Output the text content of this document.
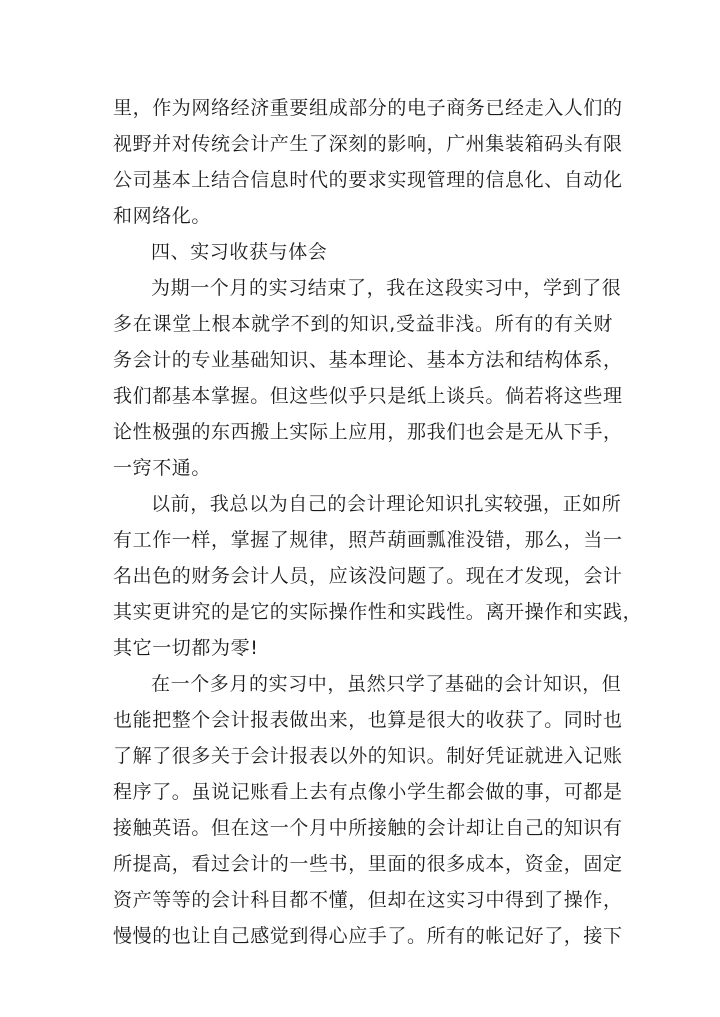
里，作为网络经济重要组成部分的电子商务已经走入人们的
视野并对传统会计产生了深刻的影响，广州集装箱码头有限
公司基本上结合信息时代的要求实现管理的信息化、自动化
和网络化。
四、实习收获与体会
为期一个月的实习结束了，我在这段实习中，学到了很
多在课堂上根本就学不到的知识,受益非浅。所有的有关财
务会计的专业基础知识、基本理论、基本方法和结构体系，
我们都基本掌握。但这些似乎只是纸上谈兵。倘若将这些理
论性极强的东西搬上实际上应用，那我们也会是无从下手，
一窍不通。
以前，我总以为自己的会计理论知识扎实较强，正如所
有工作一样，掌握了规律，照芦葫画瓢准没错，那么，当一
名出色的财务会计人员，应该没问题了。现在才发现，会计
其实更讲究的是它的实际操作性和实践性。离开操作和实践，
其它一切都为零!
在一个多月的实习中，虽然只学了基础的会计知识，但
也能把整个会计报表做出来，也算是很大的收获了。同时也
了解了很多关于会计报表以外的知识。制好凭证就进入记账
程序了。虽说记账看上去有点像小学生都会做的事，可都是
接触英语。但在这一个月中所接触的会计却让自己的知识有
所提高，看过会计的一些书，里面的很多成本，资金，固定
资产等等的会计科目都不懂，但却在这实习中得到了操作，
慢慢的也让自己感觉到得心应手了。所有的帐记好了，接下
